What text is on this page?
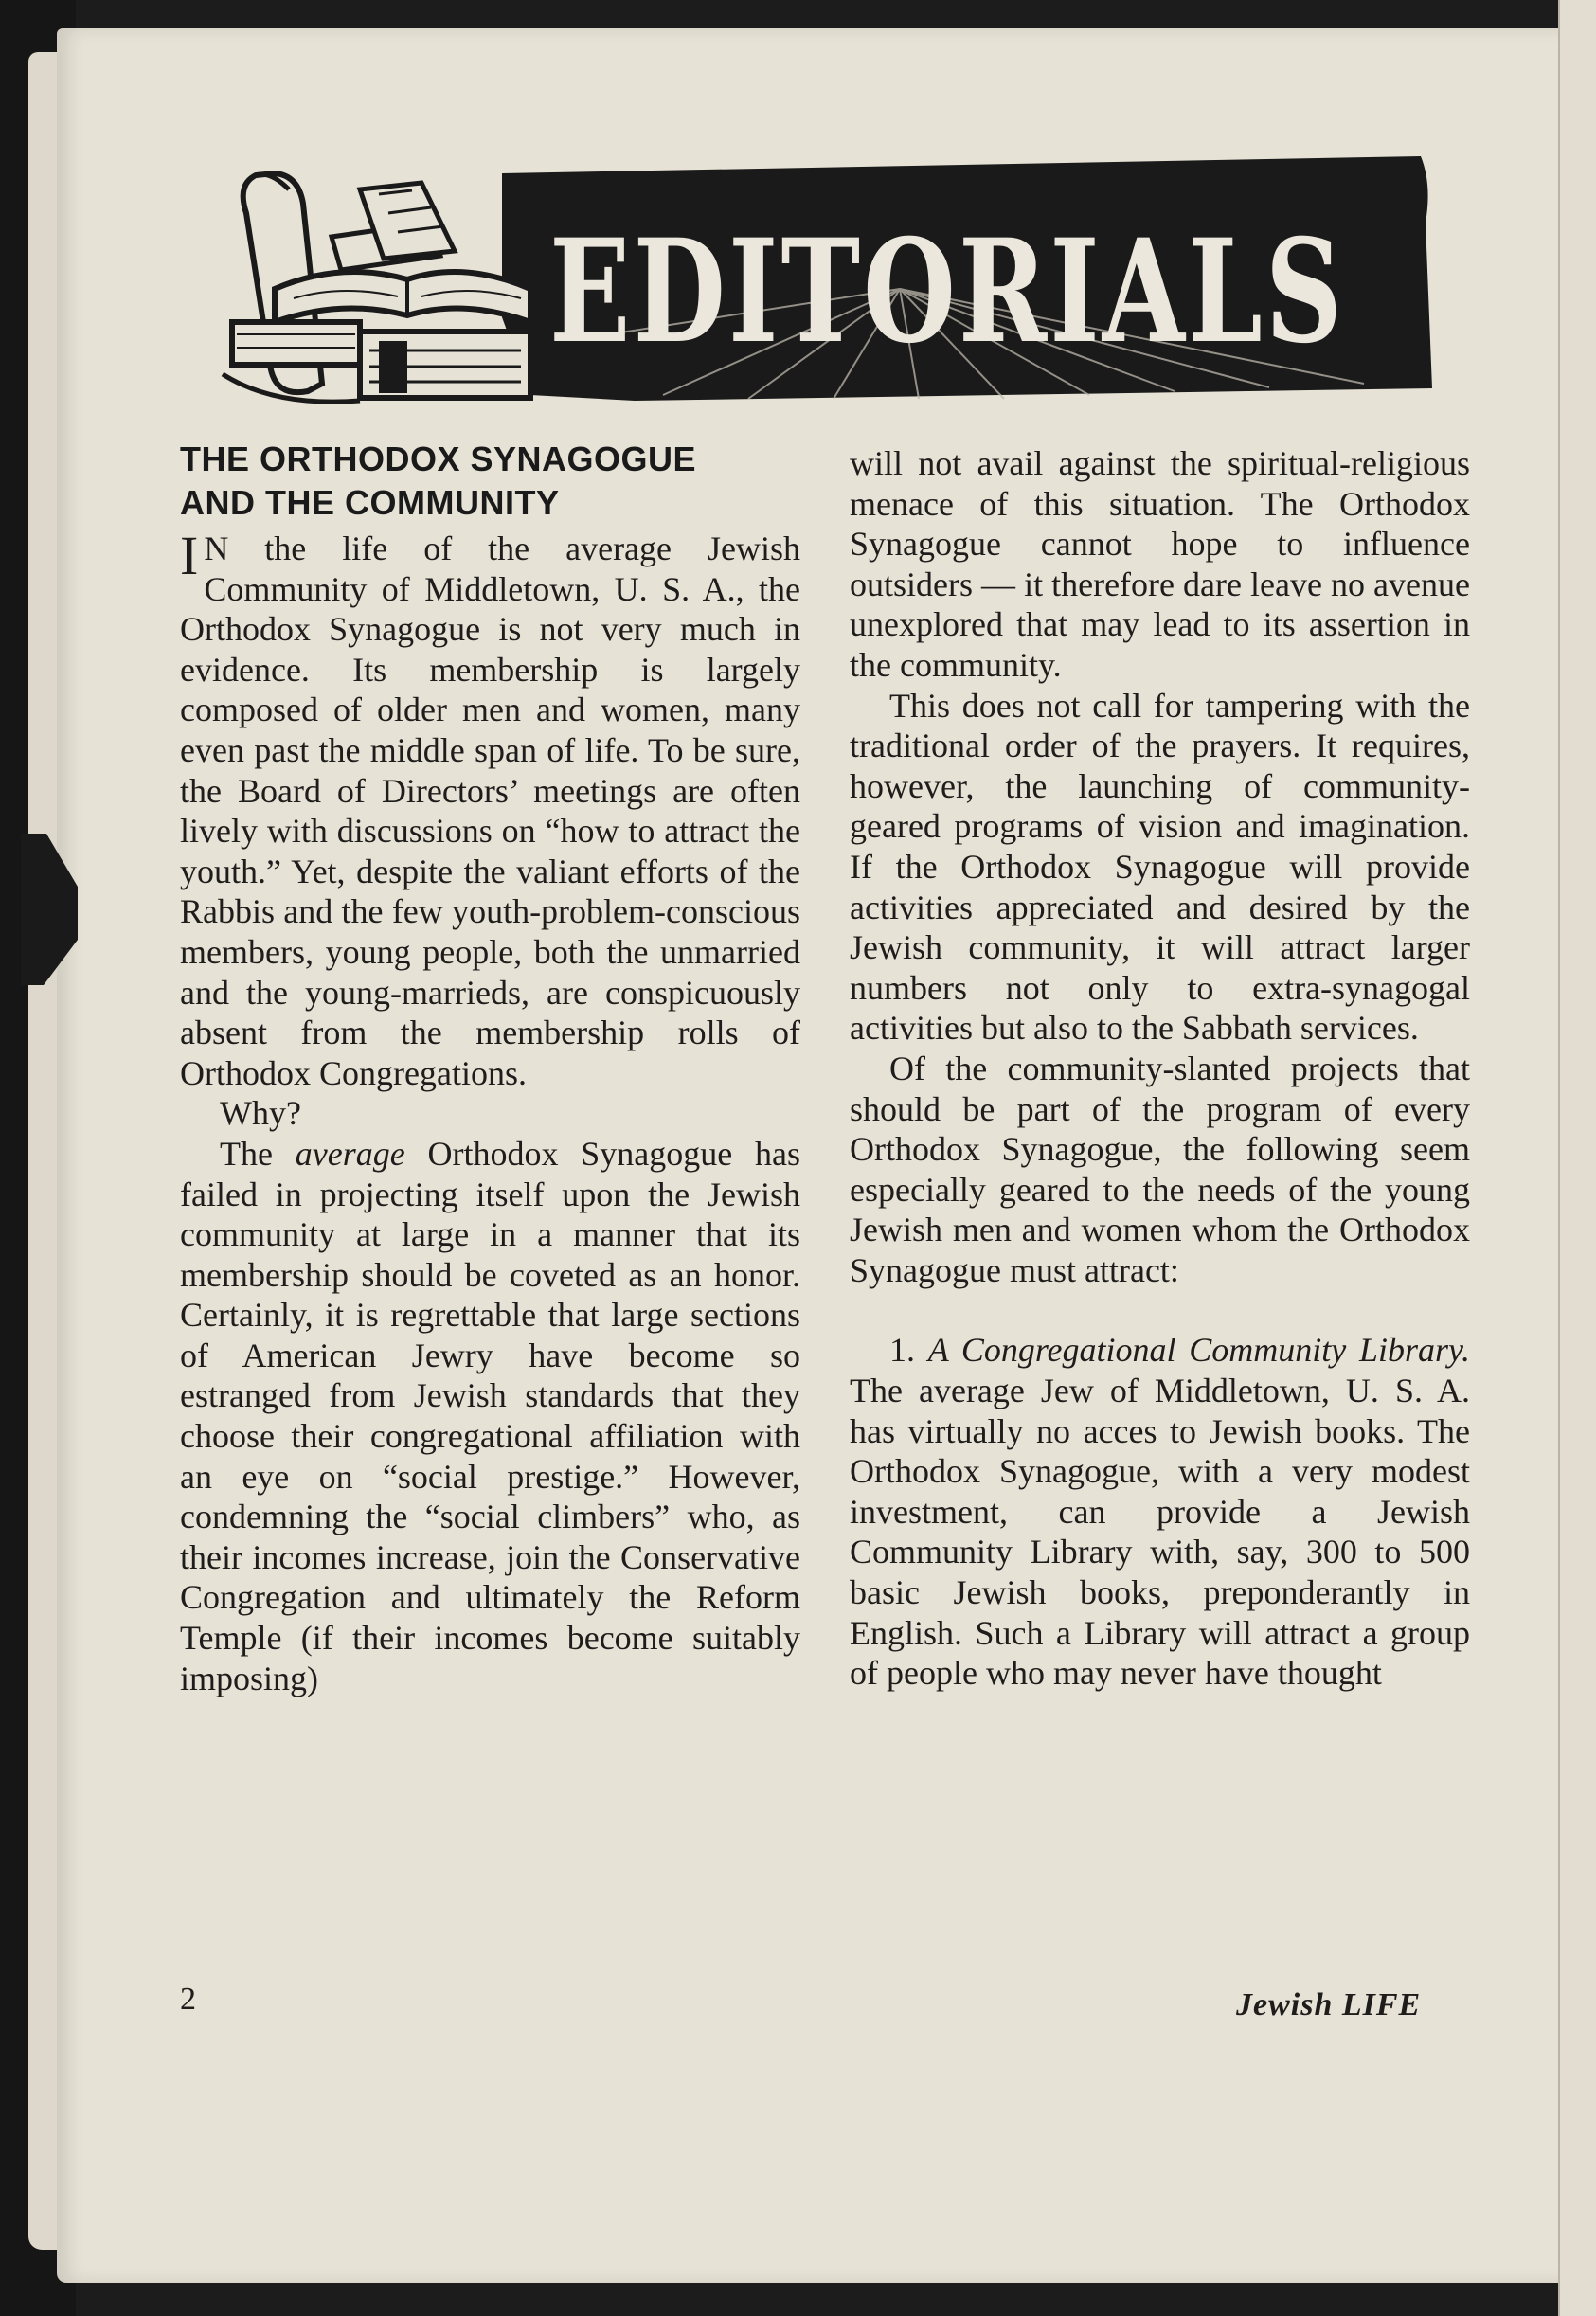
EDITORIALS
THE ORTHODOX SYNAGOGUE
AND THE COMMUNITY

I N the life of the average Jewish Community of Middletown, U. S. A., the Orthodox Synagogue is not very much in evidence. Its membership is largely composed of older men and women, many even past the middle span of life. To be sure, the Board of Directors’ meetings are often lively with discussions on “how to attract the youth.” Yet, despite the valiant efforts of the Rabbis and the few youth-problem-conscious members, young people, both the unmarried and the young-marrieds, are conspicuously absent from the membership rolls of Orthodox Congregations.

Why?

The average Orthodox Synagogue has failed in projecting itself upon the Jewish community at large in a manner that its membership should be coveted as an honor. Certainly, it is regrettable that large sections of American Jewry have become so estranged from Jewish standards that they choose their congregational affiliation with an eye on “social prestige.” However, condemning the “social climbers” who, as their incomes increase, join the Conservative Congregation and ultimately the Reform Temple (if their incomes become suitably imposing)

will not avail against the spiritual-religious menace of this situation. The Orthodox Synagogue cannot hope to influence outsiders — it therefore dare leave no avenue unexplored that may lead to its assertion in the community.

This does not call for tampering with the traditional order of the prayers. It requires, however, the launching of community-geared programs of vision and imagination. If the Orthodox Synagogue will provide activities appreciated and desired by the Jewish community, it will attract larger numbers not only to extra-synagogal activities but also to the Sabbath services.

Of the community-slanted projects that should be part of the program of every Orthodox Synagogue, the following seem especially geared to the needs of the young Jewish men and women whom the Orthodox Synagogue must attract:

1. A Congregational Community Library. The average Jew of Middletown, U. S. A. has virtually no acces to Jewish books. The Orthodox Synagogue, with a very modest investment, can provide a Jewish Community Library with, say, 300 to 500 basic Jewish books, preponderantly in English. Such a Library will attract a group of people who may never have thought

2	Jewish LIFE
